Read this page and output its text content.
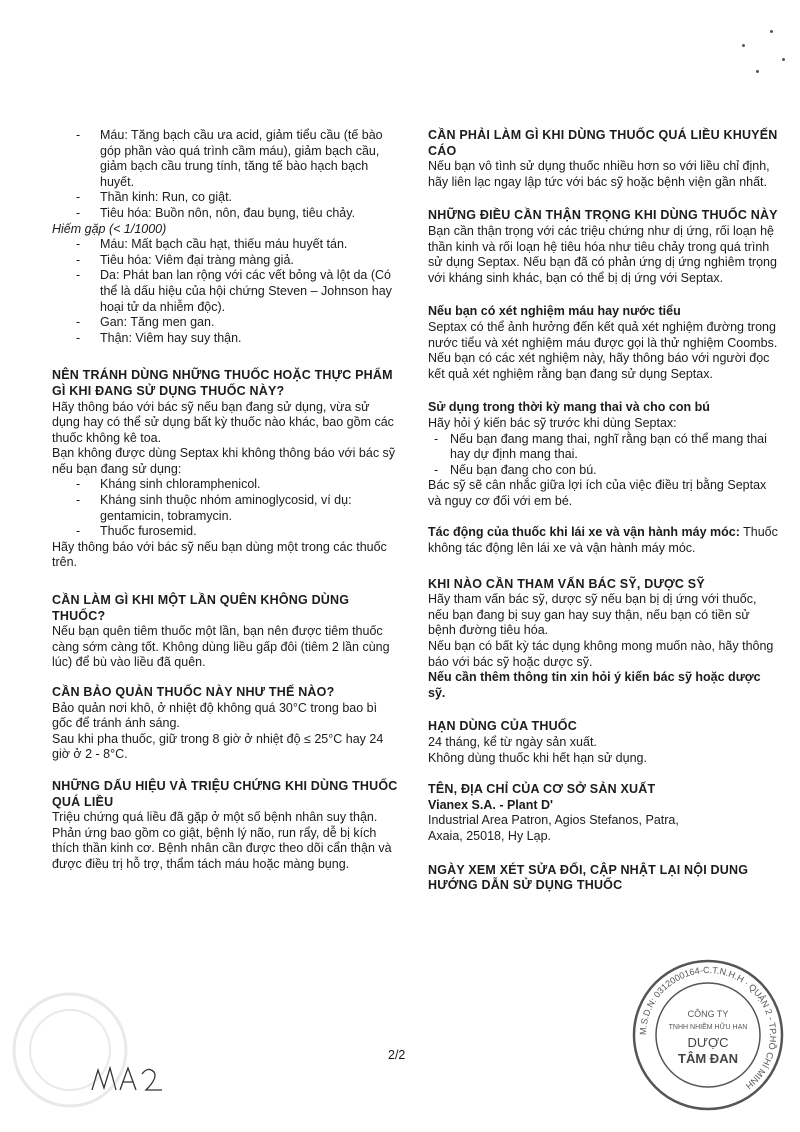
- Máu: Tăng bạch cầu ưa acid, giảm tiểu cầu (tế bào góp phần vào quá trình cầm máu), giảm bạch cầu, giảm bạch cầu trung tính, tăng tế bào hạch bạch huyết.
- Thần kinh: Run, co giật.
- Tiêu hóa: Buồn nôn, nôn, đau bụng, tiêu chảy.

Hiếm gặp (< 1/1000)

- Máu: Mất bạch cầu hạt, thiếu máu huyết tán.
- Tiêu hóa: Viêm đại tràng màng giả.
- Da: Phát ban lan rộng với các vết bỏng và lột da (Có thể là dấu hiệu của hội chứng Steven – Johnson hay hoại tử da nhiễm độc).
- Gan: Tăng men gan.
- Thận: Viêm hay suy thận.

NÊN TRÁNH DÙNG NHỮNG THUỐC HOẶC THỰC PHẨM GÌ KHI ĐANG SỬ DỤNG THUỐC NÀY?

Hãy thông báo với bác sỹ nếu bạn đang sử dụng, vừa sử dụng hay có thể sử dụng bất kỳ thuốc nào khác, bao gồm các thuốc không kê toa.

Bạn không được dùng Septax khi không thông báo với bác sỹ nếu bạn đang sử dụng:

- Kháng sinh chloramphenicol.
- Kháng sinh thuộc nhóm aminoglycosid, ví dụ: gentamicin, tobramycin.
- Thuốc furosemid.

Hãy thông báo với bác sỹ nếu bạn dùng một trong các thuốc trên.

CẦN LÀM GÌ KHI MỘT LẦN QUÊN KHÔNG DÙNG THUỐC?

Nếu bạn quên tiêm thuốc một lần, bạn nên được tiêm thuốc càng sớm càng tốt. Không dùng liều gấp đôi (tiêm 2 lần cùng lúc) để bù vào liều đã quên.

CẦN BẢO QUẢN THUỐC NÀY NHƯ THẾ NÀO?

Bảo quản nơi khô, ở nhiệt độ không quá 30°C trong bao bì gốc để tránh ánh sáng.

Sau khi pha thuốc, giữ trong 8 giờ ở nhiệt độ ≤ 25°C hay 24 giờ ở 2 - 8°C.

NHỮNG DẤU HIỆU VÀ TRIỆU CHỨNG KHI DÙNG THUỐC QUÁ LIỀU

Triệu chứng quá liều đã gặp ở một số bệnh nhân suy thận. Phản ứng bao gồm co giật, bệnh lý não, run rẩy, dễ bị kích thích thần kinh cơ. Bệnh nhân cần được theo dõi cẩn thận và được điều trị hỗ trợ, thẩm tách máu hoặc màng bụng.

CẦN PHẢI LÀM GÌ KHI DÙNG THUỐC QUÁ LIỀU KHUYẾN CÁO

Nếu bạn vô tình sử dụng thuốc nhiều hơn so với liều chỉ định, hãy liên lạc ngay lập tức với bác sỹ hoặc bệnh viện gần nhất.

NHỮNG ĐIỀU CẦN THẬN TRỌNG KHI DÙNG THUỐC NÀY

Bạn cần thận trọng với các triệu chứng như dị ứng, rối loạn hệ thần kinh và rối loạn hệ tiêu hóa như tiêu chảy trong quá trình sử dụng Septax. Nếu bạn đã có phản ứng dị ứng nghiêm trọng với kháng sinh khác, bạn có thể bị dị ứng với Septax.

Nếu bạn có xét nghiệm máu hay nước tiểu

Septax có thể ảnh hưởng đến kết quả xét nghiệm đường trong nước tiểu và xét nghiệm máu được gọi là thử nghiệm Coombs. Nếu bạn có các xét nghiệm này, hãy thông báo với người đọc kết quả xét nghiệm rằng bạn đang sử dụng Septax.

Sử dụng trong thời kỳ mang thai và cho con bú

Hãy hỏi ý kiến bác sỹ trước khi dùng Septax:

- Nếu bạn đang mang thai, nghĩ rằng bạn có thể mang thai hay dự định mang thai.
- Nếu bạn đang cho con bú.

Bác sỹ sẽ cân nhắc giữa lợi ích của việc điều trị bằng Septax và nguy cơ đối với em bé.

Tác động của thuốc khi lái xe và vận hành máy móc: Thuốc không tác động lên lái xe và vận hành máy móc.

KHI NÀO CẦN THAM VẤN BÁC SỸ, DƯỢC SỸ

Hãy tham vấn bác sỹ, dược sỹ nếu bạn bị dị ứng với thuốc, nếu bạn đang bị suy gan hay suy thận, nếu bạn có tiền sử bệnh đường tiêu hóa.

Nếu bạn có bất kỳ tác dụng không mong muốn nào, hãy thông báo với bác sỹ hoặc dược sỹ.

Nếu cần thêm thông tin xin hỏi ý kiến bác sỹ hoặc dược sỹ.

HẠN DÙNG CỦA THUỐC

24 tháng, kể từ ngày sản xuất.

Không dùng thuốc khi hết hạn sử dụng.

TÊN, ĐỊA CHỈ CỦA CƠ SỞ SẢN XUẤT

Vianex S.A. - Plant D'

Industrial Area Patron, Agios Stefanos, Patra,

Axaia, 25018, Hy Lạp.

NGÀY XEM XÉT SỬA ĐỔI, CẬP NHẬT LẠI NỘI DUNG HƯỚNG DẪN SỬ DỤNG THUỐC

2/2
M.S.D.N: 0312000164-C.T.N.H.H · QUẬN 2 - TP.HỒ CHÍ MINH
CÔNG TY
TNHH NHIỀM HỮU HẠN
DƯỢC
TÂM ĐAN
